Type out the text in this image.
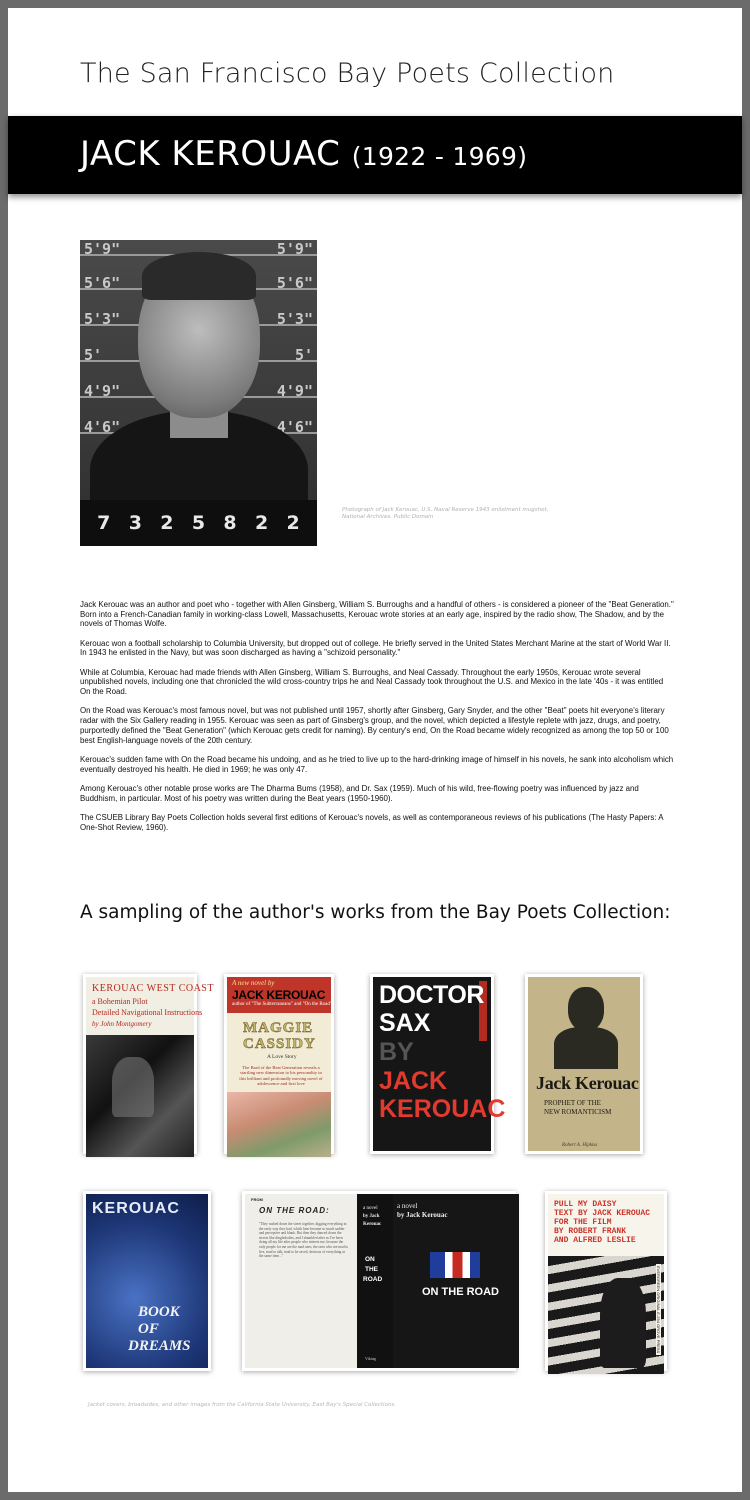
The San Francisco Bay Poets Collection
JACK KEROUAC (1922 - 1969)
5'9"	5'9"
5'6"	5'6"
5'3"	5'3"
5'	5'
4'9"	4'9"
4'6"	4'6"
7 3 2 5 8 2 2
Photograph of Jack Kerouac, U.S. Naval Reserve 1943 enlistment mugshot,
National Archives. Public Domain

Jack Kerouac was an author and poet who - together with Allen Ginsberg, William S. Burroughs and a handful of others - is considered a pioneer of the "Beat Generation." Born into a French-Canadian family in working-class Lowell, Massachusetts, Kerouac wrote stories at an early age, inspired by the radio show, The Shadow, and by the novels of Thomas Wolfe.

Kerouac won a football scholarship to Columbia University, but dropped out of college. He briefly served in the United States Merchant Marine at the start of World War II. In 1943 he enlisted in the Navy, but was soon discharged as having a "schizoid personality."

While at Columbia, Kerouac had made friends with Allen Ginsberg, William S. Burroughs, and Neal Cassady. Throughout the early 1950s, Kerouac wrote several unpublished novels, including one that chronicled the wild cross-country trips he and Neal Cassady took throughout the U.S. and Mexico in the late '40s - it was entitled On the Road.

On the Road was Kerouac's most famous novel, but was not published until 1957, shortly after Ginsberg, Gary Snyder, and the other "Beat" poets hit everyone's literary radar with the Six Gallery reading in 1955. Kerouac was seen as part of Ginsberg's group, and the novel, which depicted a lifestyle replete with jazz, drugs, and poetry, purportedly defined the "Beat Generation" (which Kerouac gets credit for naming). By century's end, On the Road became widely recognized as among the top 50 or 100 best English-language novels of the 20th century.

Kerouac's sudden fame with On the Road became his undoing, and as he tried to live up to the hard-drinking image of himself in his novels, he sank into alcoholism which eventually destroyed his health. He died in 1969; he was only 47.

Among Kerouac's other notable prose works are The Dharma Bums (1958), and Dr. Sax (1959). Much of his wild, free-flowing poetry was influenced by jazz and Buddhism, in particular. Most of his poetry was written during the Beat years (1950-1960).

The CSUEB Library Bay Poets Collection holds several first editions of Kerouac's novels, as well as contemporaneous reviews of his publications (The Hasty Papers: A One-Shot Review, 1960).

A sampling of the author's works from the Bay Poets Collection:
KEROUAC WEST COAST
a Bohemian Pilot
Detailed Navigational Instructions
by John Montgomery
A new novel by
JACK KEROUAC
author of "The Subterraneans" and "On the Road"
MAGGIE
CASSIDY
A Love Story
The Bard of the Beat Generation reveals a startling new dimension to his personality in this brilliant and profoundly moving novel of adolescence and first love
DOCTOR
SAX
BY
JACK
KEROUAC
Jack Kerouac
PROPHET OF THE
NEW ROMANTICISM
Robert A. Hipkiss
KEROUAC
BOOK
OF
DREAMS
FROM
ON THE ROAD:
"They rushed down the street together, digging everything in the early way they had, which later became so much sadder and perceptive and blank. But then they danced down the streets like dingledodies, and I shambled after as I've been doing all my life after people who interest me, because the only people for me are the mad ones, the ones who are mad to live, mad to talk, mad to be saved, desirous of everything at the same time..."
a novel
by Jack
Kerouac
ON
THE
ROAD
Viking
a novel
by Jack Kerouac
ON THE ROAD
PULL MY DAISY
TEXT BY JACK KEROUAC
FOR THE FILM
BY ROBERT FRANK
AND ALFRED LESLIE
EVERGREEN ORIGINAL E-294 GROVE PRESS
Jacket covers, broadsides, and other images from the California State University, East Bay's Special Collections.
